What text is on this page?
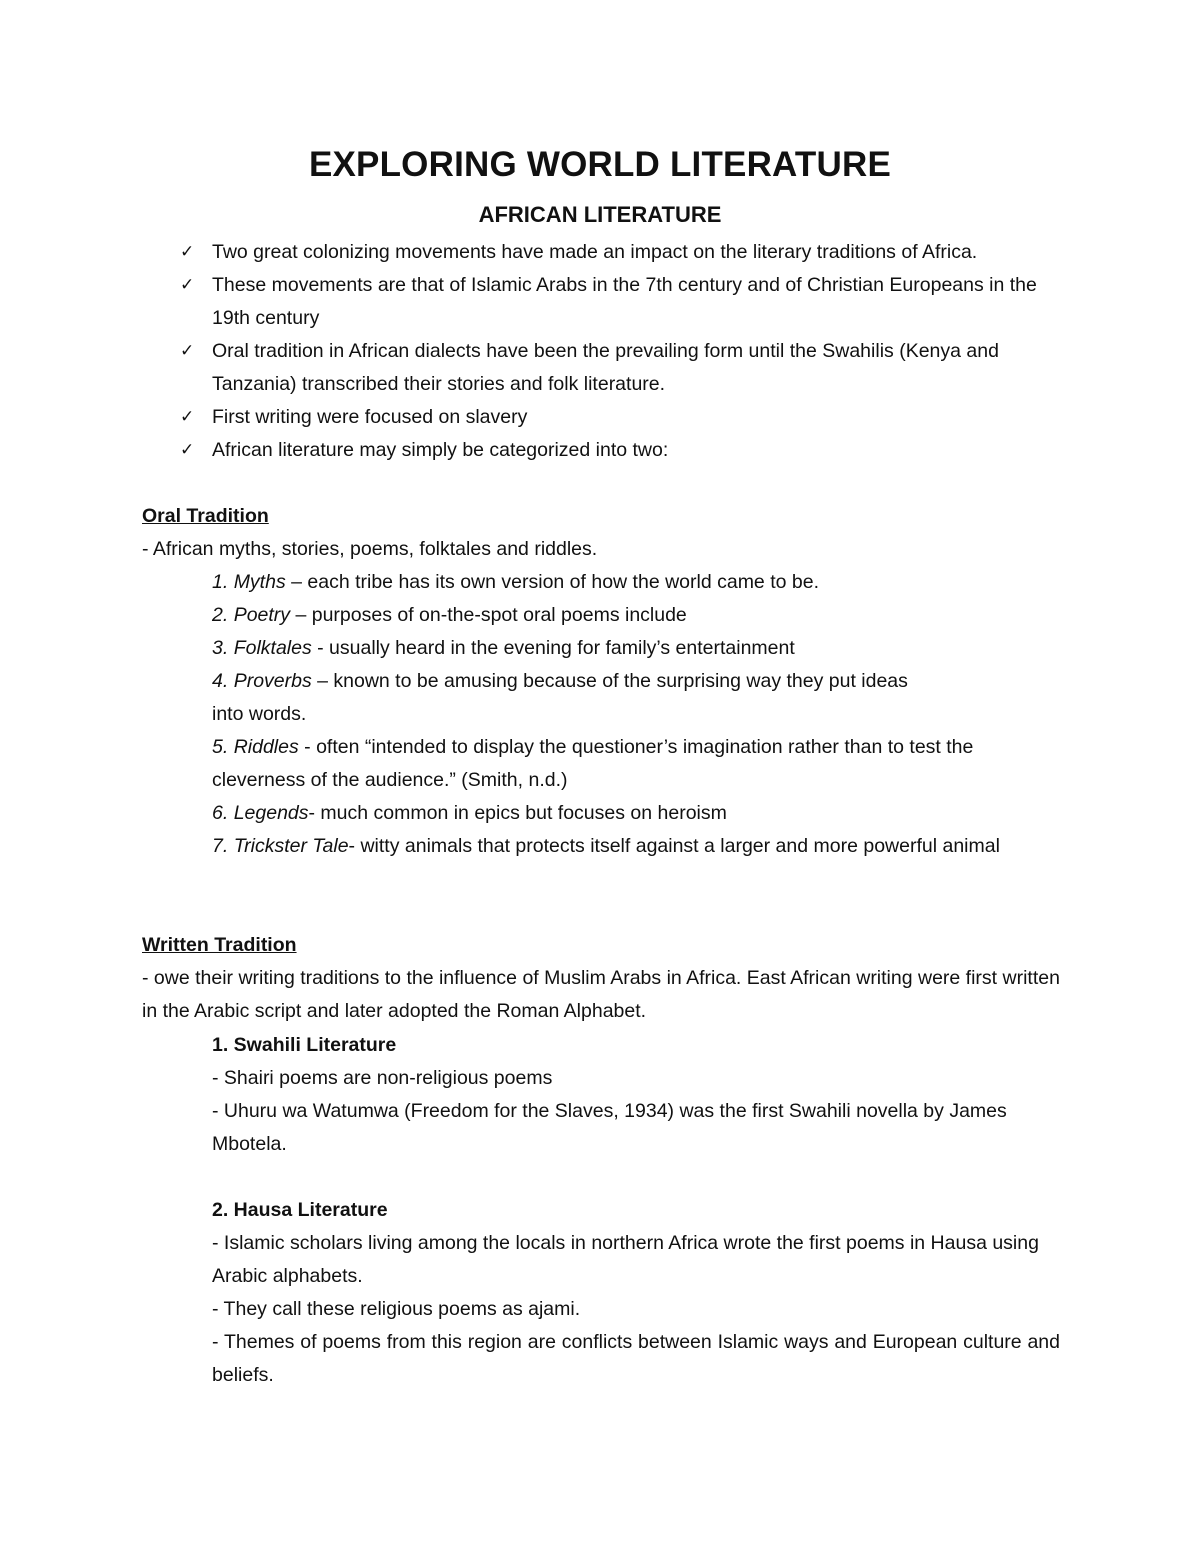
EXPLORING WORLD LITERATURE
AFRICAN LITERATURE
✓ Two great colonizing movements have made an impact on the literary traditions of Africa.
✓ These movements are that of Islamic Arabs in the 7th century and of Christian Europeans in the 19th century
✓ Oral tradition in African dialects have been the prevailing form until the Swahilis (Kenya and Tanzania) transcribed their stories and folk literature.
✓ First writing were focused on slavery
✓ African literature may simply be categorized into two:
Oral Tradition
- African myths, stories, poems, folktales and riddles.
1. Myths – each tribe has its own version of how the world came to be.
2. Poetry – purposes of on-the-spot oral poems include
3. Folktales - usually heard in the evening for family’s entertainment
4. Proverbs – known to be amusing because of the surprising way they put ideas into words.
5. Riddles - often “intended to display the questioner’s imagination rather than to test the cleverness of the audience.” (Smith, n.d.)
6. Legends- much common in epics but focuses on heroism
7. Trickster Tale- witty animals that protects itself against a larger and more powerful animal
Written Tradition
- owe their writing traditions to the influence of Muslim Arabs in Africa. East African writing were first written in the Arabic script and later adopted the Roman Alphabet.
1. Swahili Literature
- Shairi poems are non-religious poems
- Uhuru wa Watumwa (Freedom for the Slaves, 1934) was the first Swahili novella by James Mbotela.
2. Hausa Literature
- Islamic scholars living among the locals in northern Africa wrote the first poems in Hausa using Arabic alphabets.
- They call these religious poems as ajami.
- Themes of poems from this region are conflicts between Islamic ways and European culture and beliefs.
